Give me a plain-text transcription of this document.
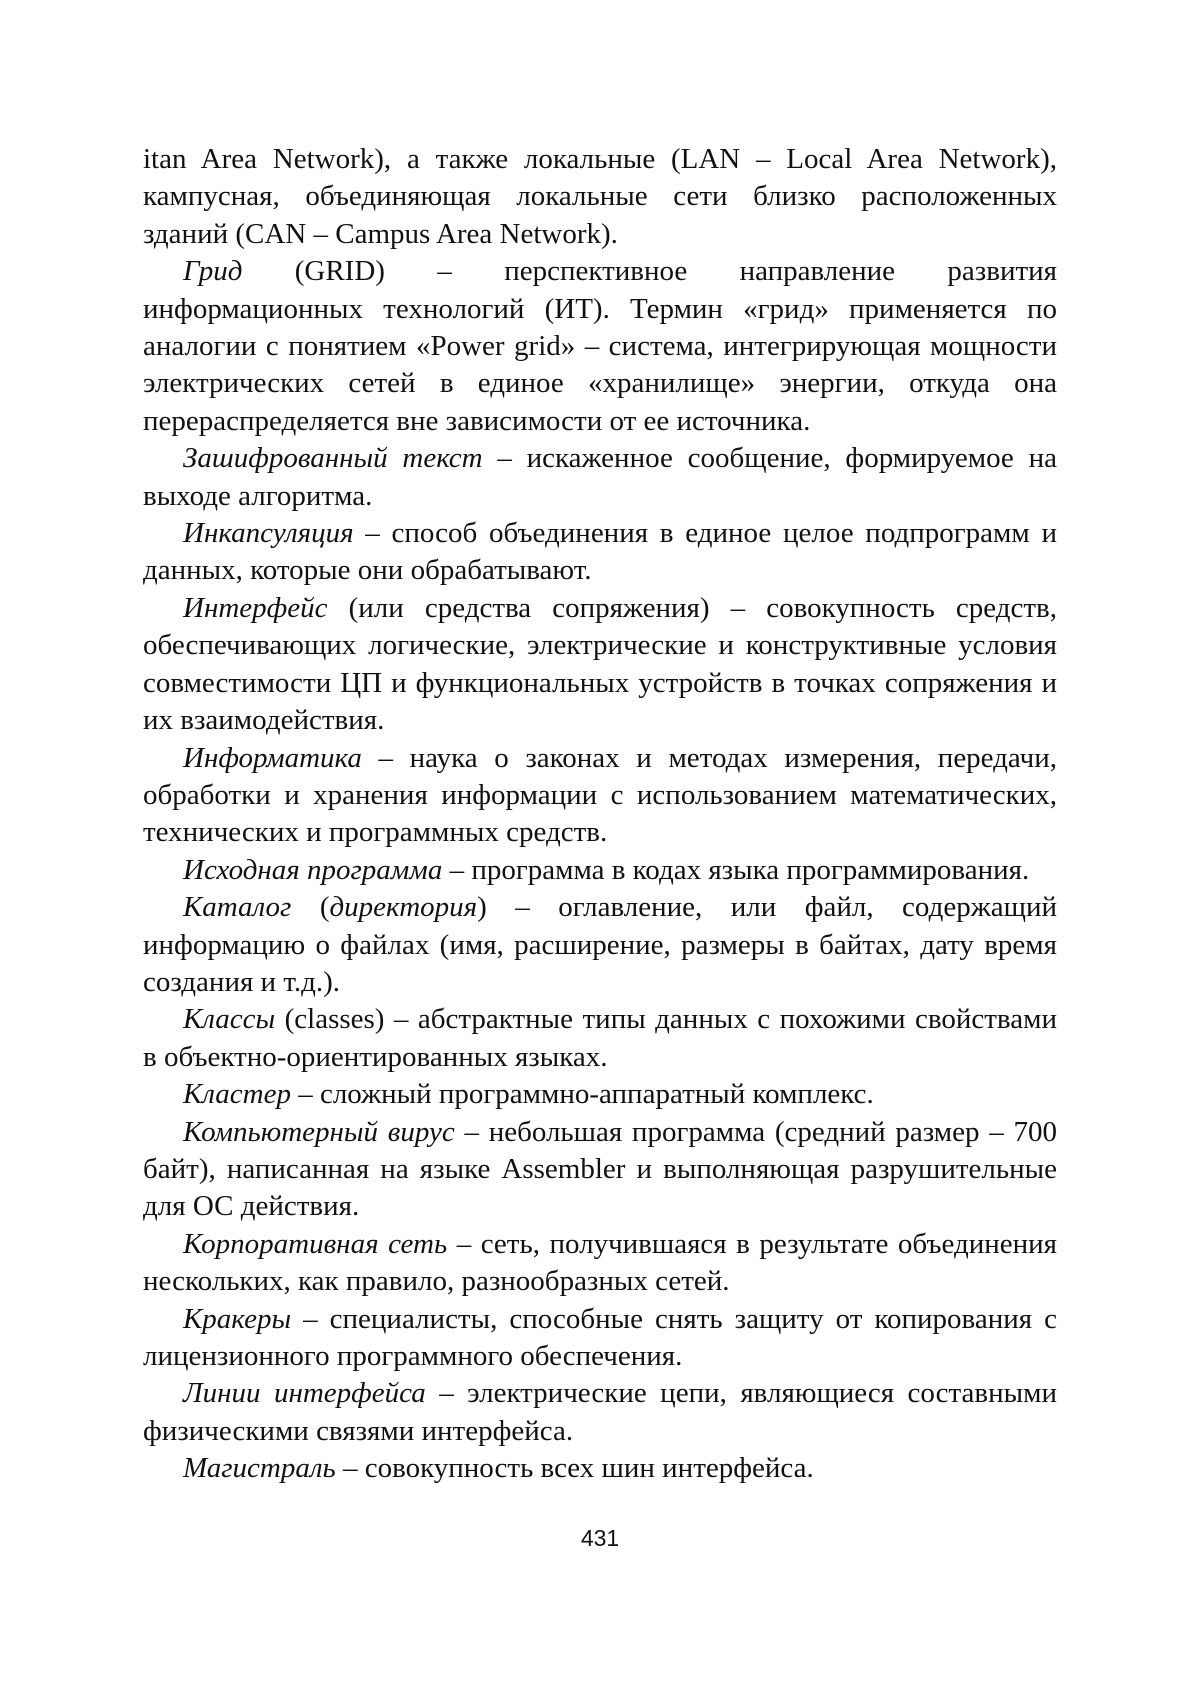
itan Area Network), а также локальные (LAN – Local Area Network), кампусная, объединяющая локальные сети близко расположенных зданий (CAN – Campus Area Network).

Грид (GRID) – перспективное направление развития информационных технологий (ИТ). Термин «грид» применяется по аналогии с понятием «Power grid» – система, интегрирующая мощности электрических сетей в единое «хранилище» энергии, откуда она перераспределяется вне зависимости от ее источника.

Зашифрованный текст – искаженное сообщение, формируемое на выходе алгоритма.

Инкапсуляция – способ объединения в единое целое подпрограмм и данных, которые они обрабатывают.

Интерфейс (или средства сопряжения) – совокупность средств, обеспечивающих логические, электрические и конструктивные условия совместимости ЦП и функциональных устройств в точках сопряжения и их взаимодействия.

Информатика – наука о законах и методах измерения, передачи, обработки и хранения информации с использованием математических, технических и программных средств.

Исходная программа – программа в кодах языка программирования.

Каталог (директория) – оглавление, или файл, содержащий информацию о файлах (имя, расширение, размеры в байтах, дату время создания и т.д.).

Классы (classes) – абстрактные типы данных с похожими свойствами в объектно-ориентированных языках.

Кластер – сложный программно-аппаратный комплекс.

Компьютерный вирус – небольшая программа (средний размер – 700 байт), написанная на языке Assembler и выполняющая разрушительные для ОС действия.

Корпоративная сеть – сеть, получившаяся в результате объединения нескольких, как правило, разнообразных сетей.

Кракеры – специалисты, способные снять защиту от копирования с лицензионного программного обеспечения.

Линии интерфейса – электрические цепи, являющиеся составными физическими связями интерфейса.

Магистраль – совокупность всех шин интерфейса.

431
